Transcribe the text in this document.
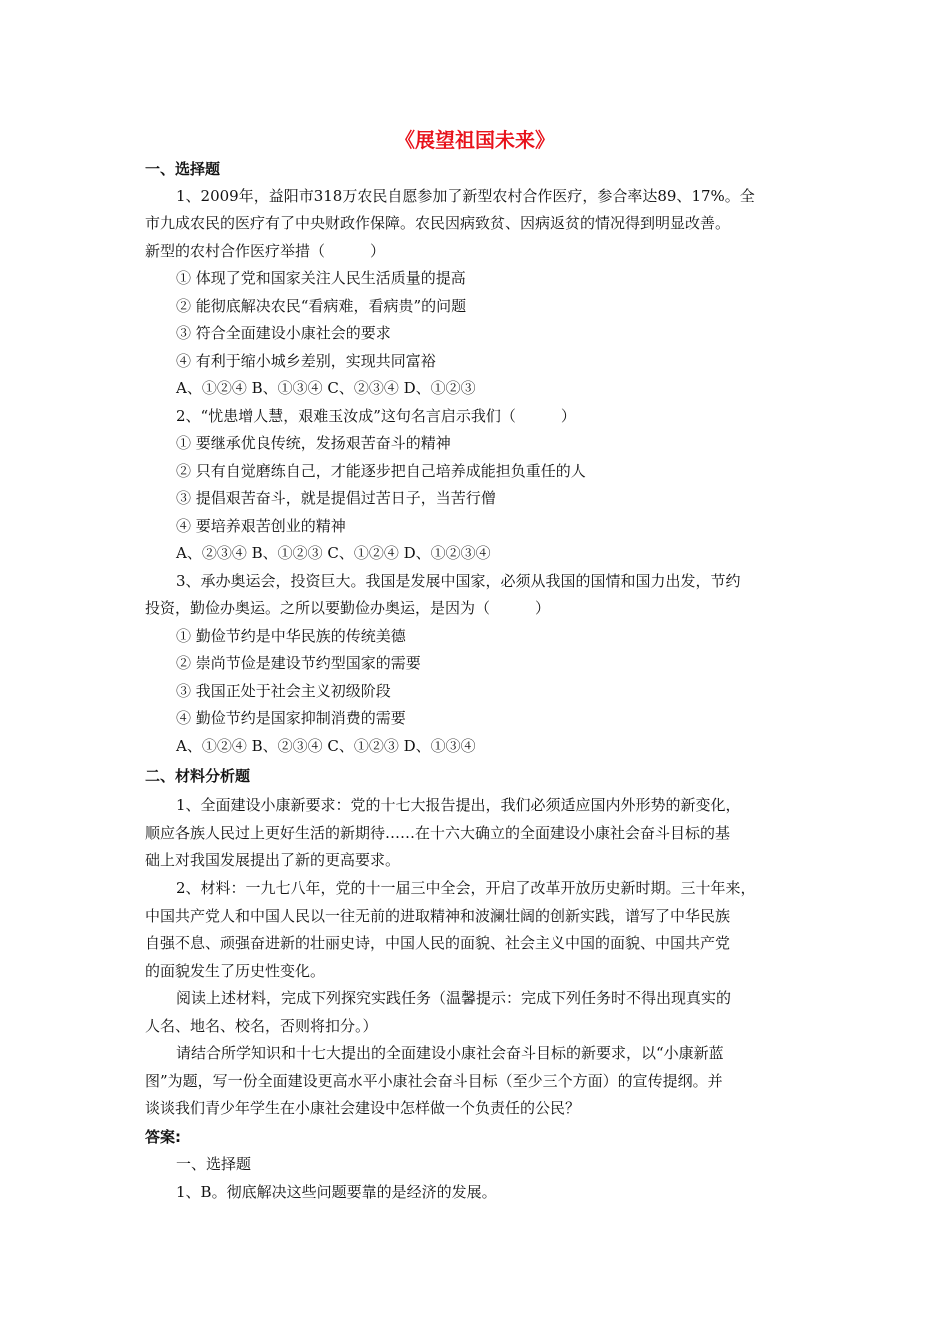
《展望祖国未来》
一、选择题
1、2009年，益阳市318万农民自愿参加了新型农村合作医疗，参合率达89、17%。全
市九成农民的医疗有了中央财政作保障。农民因病致贫、因病返贫的情况得到明显改善。
新型的农村合作医疗举措（　　　）
① 体现了党和国家关注人民生活质量的提高
② 能彻底解决农民“看病难，看病贵”的问题
③ 符合全面建设小康社会的要求
④ 有利于缩小城乡差别，实现共同富裕
A、①②④ B、①③④ C、②③④ D、①②③
2、“忧患增人慧，艰难玉汝成”这句名言启示我们（　　　）
① 要继承优良传统，发扬艰苦奋斗的精神
② 只有自觉磨练自己，才能逐步把自己培养成能担负重任的人
③ 提倡艰苦奋斗，就是提倡过苦日子，当苦行僧
④ 要培养艰苦创业的精神
A、②③④ B、①②③ C、①②④ D、①②③④
3、承办奥运会，投资巨大。我国是发展中国家，必须从我国的国情和国力出发，节约
投资，勤俭办奥运。之所以要勤俭办奥运，是因为（　　　）
① 勤俭节约是中华民族的传统美德
② 崇尚节俭是建设节约型国家的需要
③ 我国正处于社会主义初级阶段
④ 勤俭节约是国家抑制消费的需要
A、①②④ B、②③④ C、①②③ D、①③④
二、材料分析题
1、全面建设小康新要求：党的十七大报告提出，我们必须适应国内外形势的新变化，
顺应各族人民过上更好生活的新期待……在十六大确立的全面建设小康社会奋斗目标的基
础上对我国发展提出了新的更高要求。
2、材料：一九七八年，党的十一届三中全会，开启了改革开放历史新时期。三十年来，
中国共产党人和中国人民以一往无前的进取精神和波澜壮阔的创新实践，谱写了中华民族
自强不息、顽强奋进新的壮丽史诗，中国人民的面貌、社会主义中国的面貌、中国共产党
的面貌发生了历史性变化。
阅读上述材料，完成下列探究实践任务（温馨提示：完成下列任务时不得出现真实的
人名、地名、校名，否则将扣分。）
请结合所学知识和十七大提出的全面建设小康社会奋斗目标的新要求，以“小康新蓝
图”为题，写一份全面建设更高水平小康社会奋斗目标（至少三个方面）的宣传提纲。并
谈谈我们青少年学生在小康社会建设中怎样做一个负责任的公民？
答案:
一、选择题
1、B。彻底解决这些问题要靠的是经济的发展。
